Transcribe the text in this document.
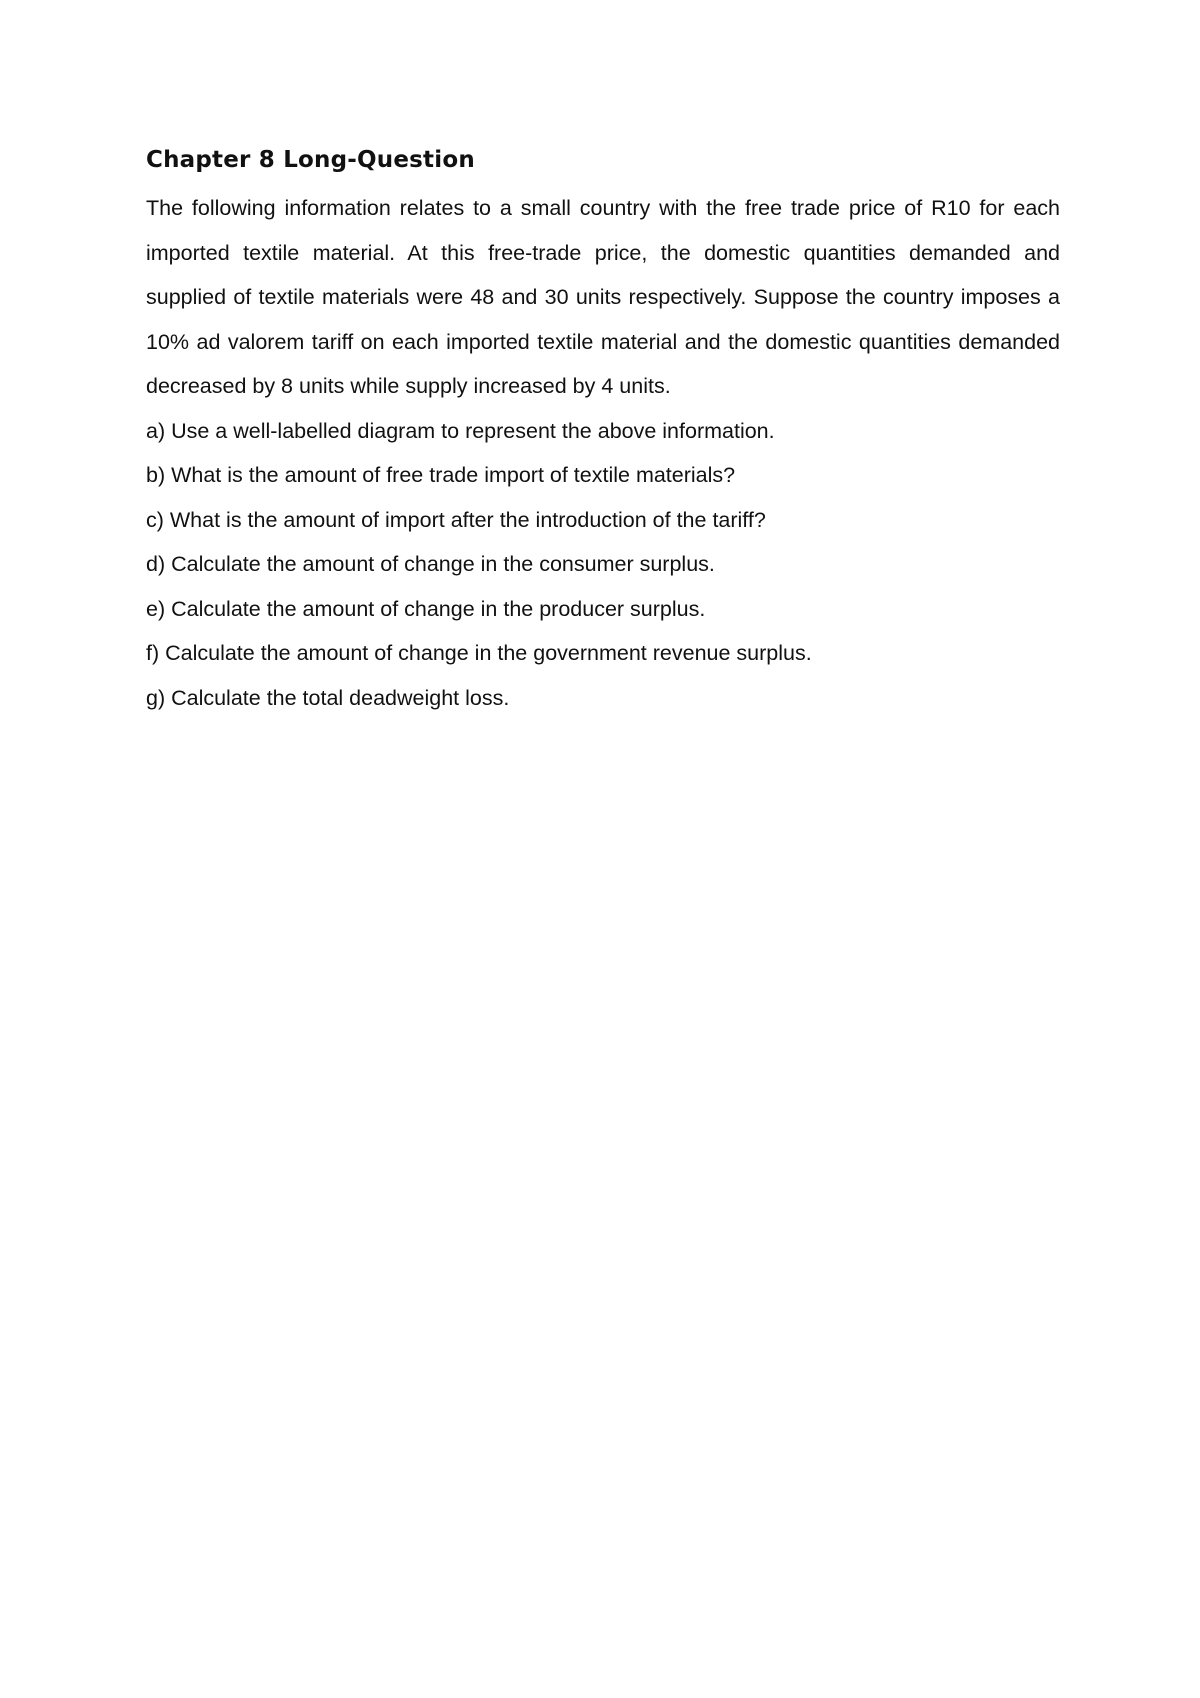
Chapter 8 Long-Question

The following information relates to a small country with the free trade price of R10 for each imported textile material. At this free-trade price, the domestic quantities demanded and supplied of textile materials were 48 and 30 units respectively. Suppose the country imposes a 10% ad valorem tariff on each imported textile material and the domestic quantities demanded decreased by 8 units while supply increased by 4 units.

a) Use a well-labelled diagram to represent the above information.
b) What is the amount of free trade import of textile materials?
c) What is the amount of import after the introduction of the tariff?
d) Calculate the amount of change in the consumer surplus.
e) Calculate the amount of change in the producer surplus.
f) Calculate the amount of change in the government revenue surplus.
g) Calculate the total deadweight loss.
